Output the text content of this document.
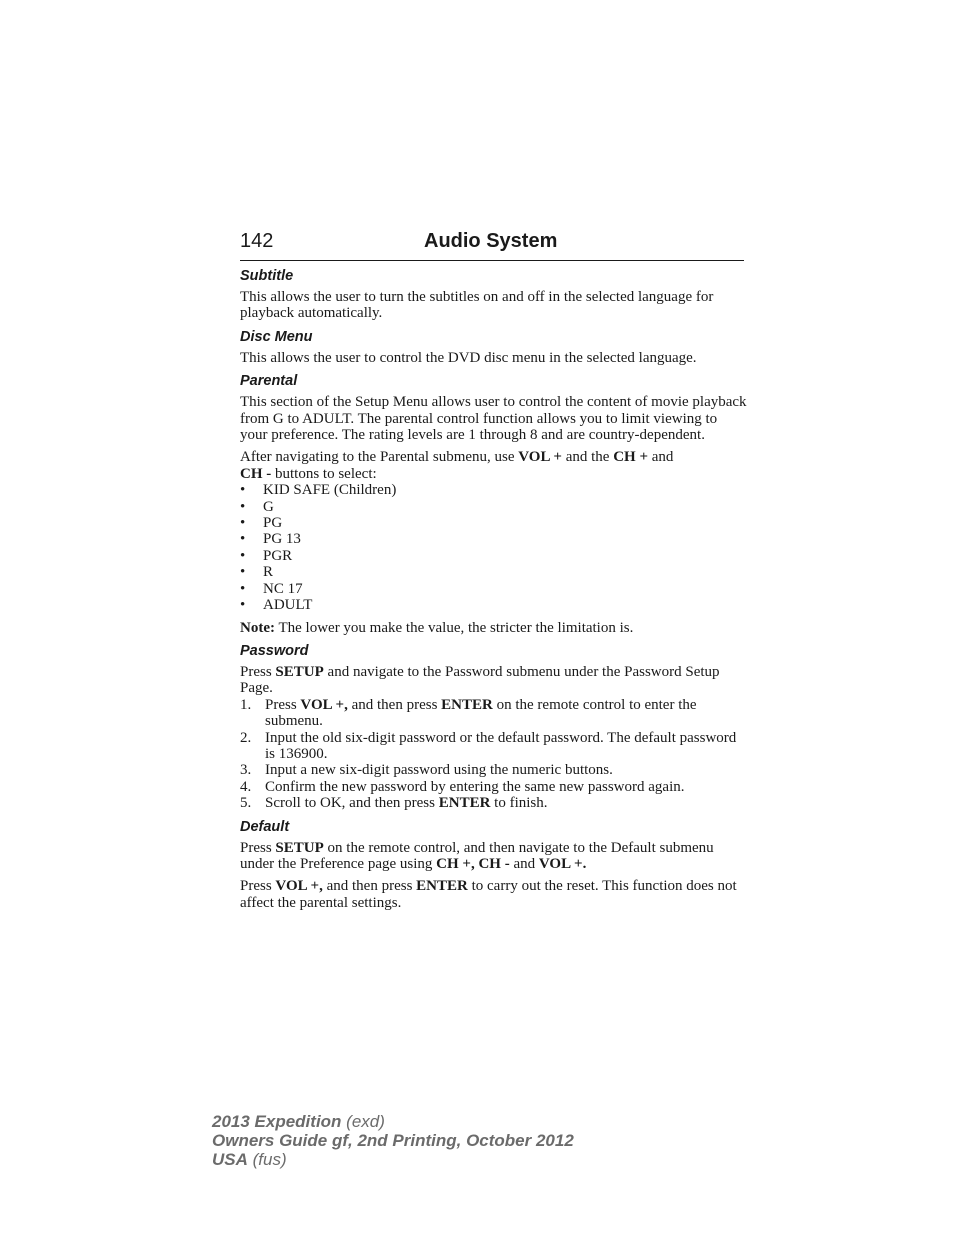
142	Audio System
Subtitle

This allows the user to turn the subtitles on and off in the selected language for playback automatically.

Disc Menu

This allows the user to control the DVD disc menu in the selected language.

Parental

This section of the Setup Menu allows user to control the content of movie playback from G to ADULT. The parental control function allows you to limit viewing to your preference. The rating levels are 1 through 8 and are country-dependent.

After navigating to the Parental submenu, use VOL + and the CH + and
CH - buttons to select:

• KID SAFE (Children)
• G
• PG
• PG 13
• PGR
• R
• NC 17
• ADULT

Note: The lower you make the value, the stricter the limitation is.

Password

Press SETUP and navigate to the Password submenu under the Password Setup Page.

1. Press VOL +, and then press ENTER on the remote control to enter the submenu.
2. Input the old six-digit password or the default password. The default password is 136900.
3. Input a new six-digit password using the numeric buttons.
4. Confirm the new password by entering the same new password again.
5. Scroll to OK, and then press ENTER to finish.
Default

Press SETUP on the remote control, and then navigate to the Default submenu under the Preference page using CH +, CH - and VOL +.

Press VOL +, and then press ENTER to carry out the reset. This function does not affect the parental settings.

2013 Expedition (exd)
Owners Guide gf, 2nd Printing, October 2012
USA (fus)
